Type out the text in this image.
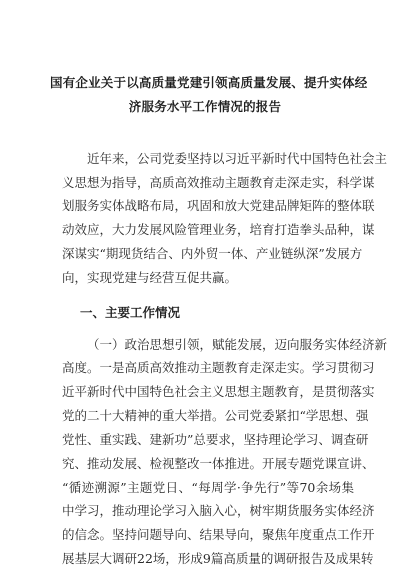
国有企业关于以高质量党建引领高质量发展、提升实体经
济服务水平工作情况的报告
近年来，公司党委坚持以习近平新时代中国特色社会主
义思想为指导，高质高效推动主题教育走深走实，科学谋
划服务实体战略布局，巩固和放大党建品牌矩阵的整体联
动效应，大力发展风险管理业务，培育打造拳头品种，谋
深谋实“期现货结合、内外贸一体、产业链纵深”发展方
向，实现党建与经营互促共赢。
一、主要工作情况
（一）政治思想引领，赋能发展，迈向服务实体经济新
高度。一是高质高效推动主题教育走深走实。学习贯彻习
近平新时代中国特色社会主义思想主题教育，是贯彻落实
党的二十大精神的重大举措。公司党委紧扣“学思想、强
党性、重实践、建新功”总要求，坚持理论学习、调查研
究、推动发展、检视整改一体推进。开展专题党课宣讲、
“循迹溯源”主题党日、“每周学·争先行”等70余场集
中学习，推动理论学习入脑入心，树牢期货服务实体经济
的信念。坚持问题导向、结果导向，聚焦年度重点工作开
展基层大调研22场，形成9篇高质量的调研报告及成果转
